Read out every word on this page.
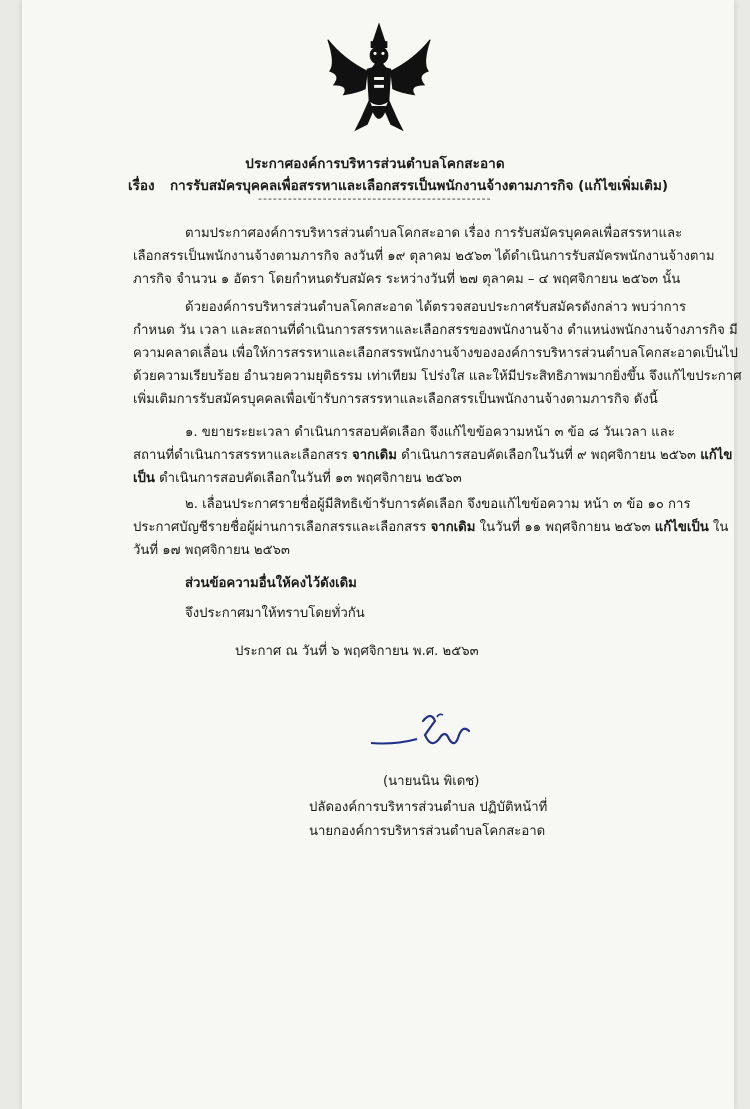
ประกาศองค์การบริหารส่วนตำบลโคกสะอาด
เรื่อง การรับสมัครบุคคลเพื่อสรรหาและเลือกสรรเป็นพนักงานจ้างตามภารกิจ (แก้ไขเพิ่มเติม)
-----------------------------------------------
ตามประกาศองค์การบริหารส่วนตำบลโคกสะอาด เรื่อง การรับสมัครบุคคลเพื่อสรรหาและ
เลือกสรรเป็นพนักงานจ้างตามภารกิจ ลงวันที่ ๑๙ ตุลาคม ๒๕๖๓ ได้ดำเนินการรับสมัครพนักงานจ้างตาม
ภารกิจ จำนวน ๑ อัตรา โดยกำหนดรับสมัคร ระหว่างวันที่ ๒๗ ตุลาคม – ๔ พฤศจิกายน ๒๕๖๓ นั้น
ด้วยองค์การบริหารส่วนตำบลโคกสะอาด ได้ตรวจสอบประกาศรับสมัครดังกล่าว พบว่าการ
กำหนด วัน เวลา และสถานที่ดำเนินการสรรหาและเลือกสรรของพนักงานจ้าง ตำแหน่งพนักงานจ้างภารกิจ มี
ความคลาดเลื่อน เพื่อให้การสรรหาและเลือกสรรพนักงานจ้างขององค์การบริหารส่วนตำบลโคกสะอาดเป็นไป
ด้วยความเรียบร้อย อำนวยความยุติธรรม เท่าเทียม โปร่งใส และให้มีประสิทธิภาพมากยิ่งขึ้น จึงแก้ไขประกาศ
เพิ่มเติมการรับสมัครบุคคลเพื่อเข้ารับการสรรหาและเลือกสรรเป็นพนักงานจ้างตามภารกิจ ดังนี้
๑. ขยายระยะเวลา ดำเนินการสอบคัดเลือก จึงแก้ไขข้อความหน้า ๓ ข้อ ๘ วันเวลา และ
สถานที่ดำเนินการสรรหาและเลือกสรร จากเดิม ดำเนินการสอบคัดเลือกในวันที่ ๙ พฤศจิกายน ๒๕๖๓ แก้ไข
เป็น ดำเนินการสอบคัดเลือกในวันที่ ๑๓ พฤศจิกายน ๒๕๖๓
๒. เลื่อนประกาศรายชื่อผู้มีสิทธิเข้ารับการคัดเลือก จึงขอแก้ไขข้อความ หน้า ๓ ข้อ ๑๐ การ
ประกาศบัญชีรายชื่อผู้ผ่านการเลือกสรรและเลือกสรร จากเดิม ในวันที่ ๑๑ พฤศจิกายน ๒๕๖๓ แก้ไขเป็น ใน
วันที่ ๑๗ พฤศจิกายน ๒๕๖๓
ส่วนข้อความอื่นให้คงไว้ดังเดิม
จึงประกาศมาให้ทราบโดยทั่วกัน
ประกาศ ณ วันที่ ๖ พฤศจิกายน พ.ศ. ๒๕๖๓
(นายนนิน พิเดช)
ปลัดองค์การบริหารส่วนตำบล ปฏิบัติหน้าที่
นายกองค์การบริหารส่วนตำบลโคกสะอาด
